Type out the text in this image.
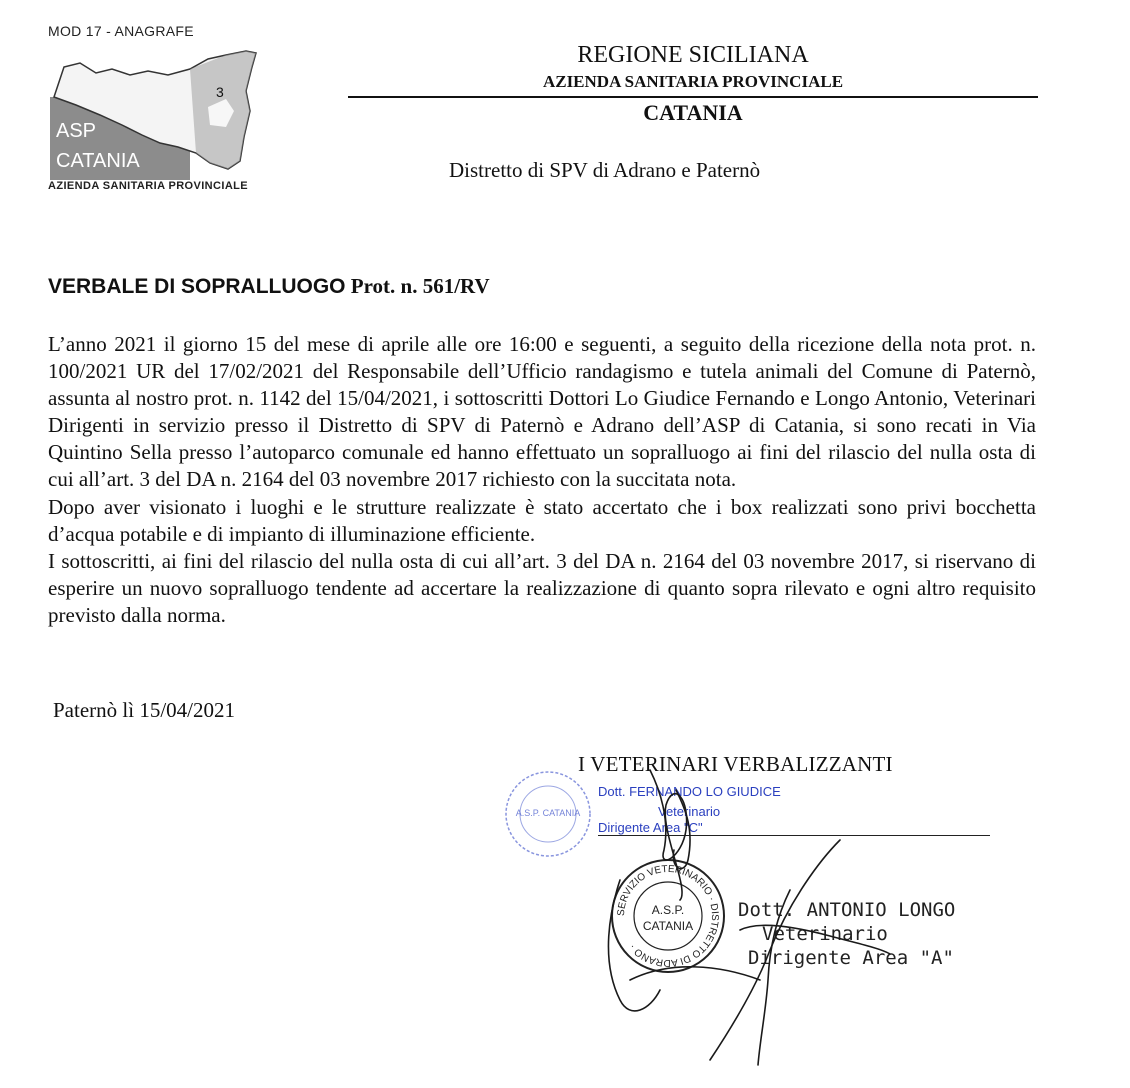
MOD 17 - ANAGRAFE
3
ASP
CATANIA
AZIENDA SANITARIA PROVINCIALE
REGIONE SICILIANA
AZIENDA SANITARIA PROVINCIALE
CATANIA
Distretto di SPV di Adrano e Paternò
VERBALE DI SOPRALLUOGO Prot. n. 561/RV

L’anno 2021 il giorno 15 del mese di aprile alle ore 16:00 e seguenti, a seguito della ricezione della nota prot. n. 100/2021 UR del 17/02/2021 del Responsabile dell’Ufficio randagismo e tutela animali del Comune di Paternò, assunta al nostro prot. n. 1142 del 15/04/2021, i sottoscritti Dottori Lo Giudice Fernando e Longo Antonio, Veterinari Dirigenti in servizio presso il Distretto di SPV di Paternò e Adrano dell’ASP di Catania, si sono recati in Via Quintino Sella presso l’autoparco comunale ed hanno effettuato un sopralluogo ai fini del rilascio del nulla osta di cui all’art. 3 del DA n. 2164 del 03 novembre 2017 richiesto con la succitata nota.

Dopo aver visionato i luoghi e le strutture realizzate è stato accertato che i box realizzati sono privi bocchetta d’acqua potabile e di impianto di illuminazione efficiente.

I sottoscritti, ai fini del rilascio del nulla osta di cui all’art. 3 del DA n. 2164 del 03 novembre 2017, si riservano di esperire un nuovo sopralluogo tendente ad accertare la realizzazione di quanto sopra rilevato e ogni altro requisito previsto dalla norma.

Paternò lì 15/04/2021
A.S.P. CATANIA
I VETERINARI VERBALIZZANTI
Dott. FERNANDO LO GIUDICE
Veterinario
Dirigente Area "C"
SERVIZIO VETERINARIO · DISTRETTO DI ADRANO ·
A.S.P.
CATANIA
Dott. ANTONIO LONGO
Veterinario
Dirigente Area "A"
